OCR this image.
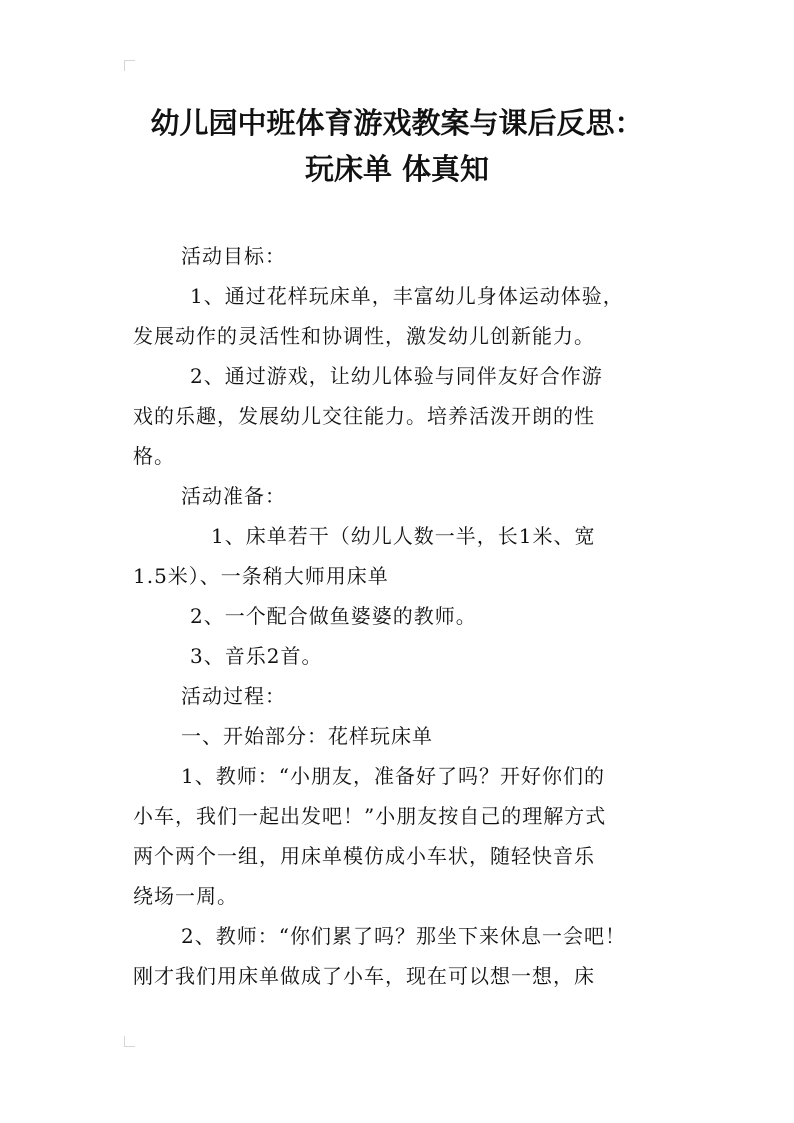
幼儿园中班体育游戏教案与课后反思：
玩床单 体真知

活动目标：

1、通过花样玩床单，丰富幼儿身体运动体验，

发展动作的灵活性和协调性，激发幼儿创新能力。

2、通过游戏，让幼儿体验与同伴友好合作游

戏的乐趣，发展幼儿交往能力。培养活泼开朗的性

格。

活动准备：

1、床单若干（幼儿人数一半，长1米、宽

1.5米）、一条稍大师用床单

2、一个配合做鱼婆婆的教师。

3、音乐2首。

活动过程：

一、开始部分：花样玩床单

1、教师：“小朋友，准备好了吗？开好你们的

小车，我们一起出发吧！”小朋友按自己的理解方式

两个两个一组，用床单模仿成小车状，随轻快音乐

绕场一周。

2、教师：“你们累了吗？那坐下来休息一会吧！

刚才我们用床单做成了小车，现在可以想一想，床
